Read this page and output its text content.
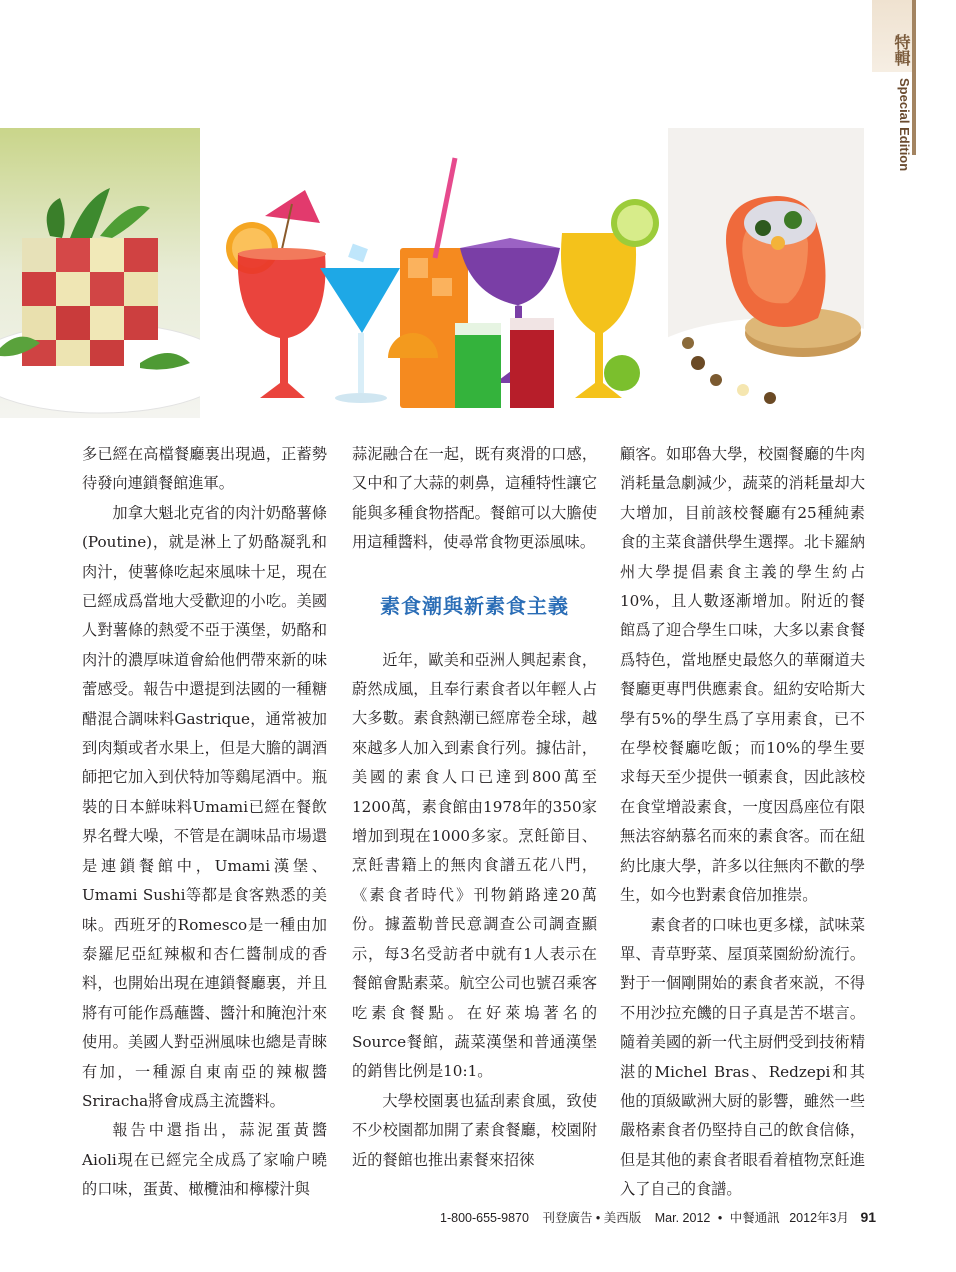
特輯
Special Edition

多已經在高檔餐廳裏出現過，正蓄勢待發向連鎖餐館進軍。

加拿大魁北克省的肉汁奶酪薯條(Poutine)，就是淋上了奶酪凝乳和肉汁，使薯條吃起來風味十足，現在已經成爲當地大受歡迎的小吃。美國人對薯條的熱愛不亞于漢堡，奶酪和肉汁的濃厚味道會給他們帶來新的味蕾感受。報告中還提到法國的一種糖醋混合調味料Gastrique，通常被加到肉類或者水果上，但是大膽的調酒師把它加入到伏特加等鷄尾酒中。瓶裝的日本鮮味料Umami已經在餐飲界名聲大噪，不管是在調味品市場還是連鎖餐館中，Umami漢堡、Umami Sushi等都是食客熟悉的美味。西班牙的Romesco是一種由加泰羅尼亞紅辣椒和杏仁醬制成的香料，也開始出現在連鎖餐廳裏，并且將有可能作爲蘸醬、醬汁和腌泡汁來使用。美國人對亞洲風味也總是青睞有加，一種源自東南亞的辣椒醬Sriracha將會成爲主流醬料。

報告中還指出，蒜泥蛋黃醬Aioli現在已經完全成爲了家喻户曉的口味，蛋黃、橄欖油和檸檬汁與

蒜泥融合在一起，既有爽滑的口感，又中和了大蒜的刺鼻，這種特性讓它能與多種食物搭配。餐館可以大膽使用這種醬料，使尋常食物更添風味。

素食潮與新素食主義

近年，歐美和亞洲人興起素食，蔚然成風，且奉行素食者以年輕人占大多數。素食熱潮已經席卷全球，越來越多人加入到素食行列。據估計，美國的素食人口已達到800萬至1200萬，素食館由1978年的350家增加到現在1000多家。烹飪節目、烹飪書籍上的無肉食譜五花八門，《素食者時代》刊物銷路達20萬份。據蓋勒普民意調查公司調查顯示，每3名受訪者中就有1人表示在餐館會點素菜。航空公司也號召乘客吃素食餐點。在好萊塢著名的Source餐館，蔬菜漢堡和普通漢堡的銷售比例是10:1。

大學校園裏也猛刮素食風，致使不少校園都加開了素食餐廳，校園附近的餐館也推出素餐來招徠

顧客。如耶魯大學，校園餐廳的牛肉消耗量急劇減少，蔬菜的消耗量却大大增加，目前該校餐廳有25種純素食的主菜食譜供學生選擇。北卡羅納州大學提倡素食主義的學生約占10%，且人數逐漸增加。附近的餐館爲了迎合學生口味，大多以素食餐爲特色，當地歷史最悠久的華爾道夫餐廳更專門供應素食。紐約安哈斯大學有5%的學生爲了享用素食，已不在學校餐廳吃飯；而10%的學生要求每天至少提供一頓素食，因此該校在食堂增設素食，一度因爲座位有限無法容納慕名而來的素食客。而在紐約比康大學，許多以往無肉不歡的學生，如今也對素食倍加推崇。

素食者的口味也更多樣，試味菜單、青草野菜、屋頂菜園紛紛流行。對于一個剛開始的素食者來説，不得不用沙拉充饑的日子真是苦不堪言。隨着美國的新一代主厨們受到技術精湛的Michel Bras、Redzepi和其他的頂級歐洲大厨的影響，雖然一些嚴格素食者仍堅持自己的飲食信條，但是其他的素食者眼看着植物烹飪進入了自己的食譜。

1-800-655-9870 刊登廣告 • 美西版 Mar. 2012 • 中餐通訊 2012年3月 91
